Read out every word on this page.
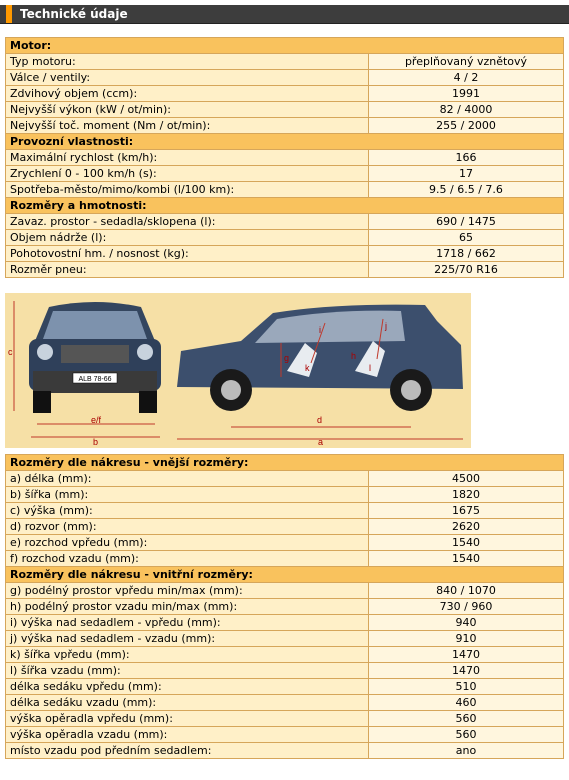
Technické údaje
Motor:	
Typ motoru:	přeplňovaný vznětový
Válce / ventily:	4 / 2
Zdvihový objem (ccm):	1991
Nejvyšší výkon (kW / ot/min):	82 / 4000
Nejvyšší toč. moment (Nm / ot/min):	255 / 2000
Provozní vlastnosti:	
Maximální rychlost (km/h):	166
Zrychlení 0 - 100 km/h (s):	17
Spotřeba-město/mimo/kombi (l/100 km):	9.5 / 6.5 / 7.6
Rozměry a hmotnosti:	
Zavaz. prostor - sedadla/sklopena (l):	690 / 1475
Objem nádrže (l):	65
Pohotovostní hm. / nosnost (kg):	1718 / 662
Rozměr pneu:	225/70 R16
ALB 78-66
c
e/f
b
d
a
g	h
i	j
k	l
Rozměry dle nákresu - vnější rozměry:	
a) délka (mm):	4500
b) šířka (mm):	1820
c) výška (mm):	1675
d) rozvor (mm):	2620
e) rozchod vpředu (mm):	1540
f) rozchod vzadu (mm):	1540
Rozměry dle nákresu - vnitřní rozměry:	
g) podélný prostor vpředu min/max (mm):	840 / 1070
h) podélný prostor vzadu min/max (mm):	730 / 960
i) výška nad sedadlem - vpředu (mm):	940
j) výška nad sedadlem - vzadu (mm):	910
k) šířka vpředu (mm):	1470
l) šířka vzadu (mm):	1470
délka sedáku vpředu (mm):	510
délka sedáku vzadu (mm):	460
výška opěradla vpředu (mm):	560
výška opěradla vzadu (mm):	560
místo vzadu pod předním sedadlem:	ano
